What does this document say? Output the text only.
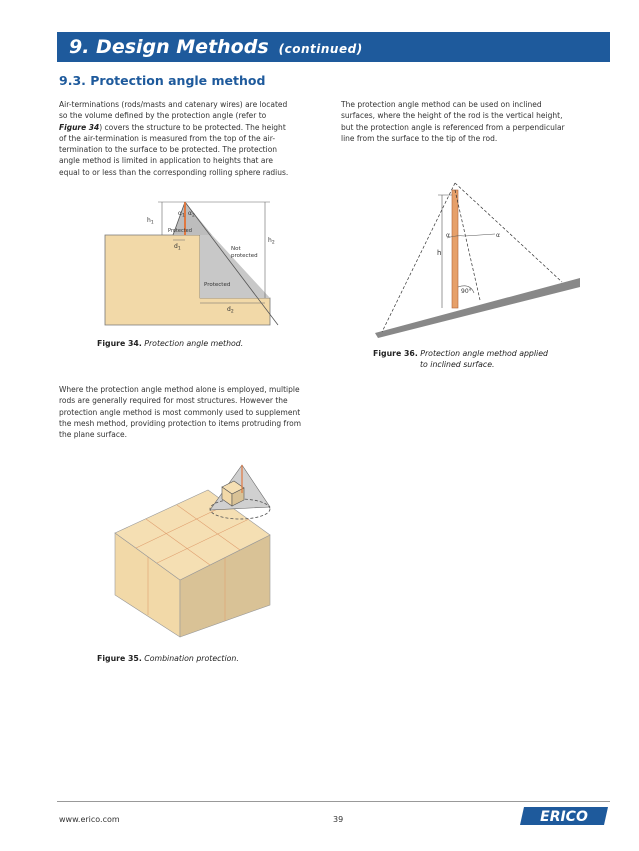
9. Design Methods (continued)
9.3. Protection angle method
Air-terminations (rods/masts and catenary wires) are located
so the volume defined by the protection angle (refer to
Figure 34) covers the structure to be protected. The height
of the air-termination is measured from the top of the air-
termination to the surface to be protected. The protection
angle method is limited in application to heights that are
equal to or less than the corresponding rolling sphere radius.
The protection angle method can be used on inclined
surfaces, where the height of the rod is the vertical height,
but the protection angle is referenced from a perpendicular
line from the surface to the tip of the rod.
$h_1$
$\alpha_1$ $\alpha_2$
Protected
$d_1$	Not
protected
$h_2$
Protected
$d_2$
Figure 34. Protection angle method.
h
α	α
90°
Figure 36. Protection angle method applied
to inclined surface.
Where the protection angle method alone is employed, multiple
rods are generally required for most structures. However the
protection angle method is most commonly used to supplement
the mesh method, providing protection to items protruding from
the plane surface.
Figure 35. Combination protection.
www.erico.com	39	ERICO
